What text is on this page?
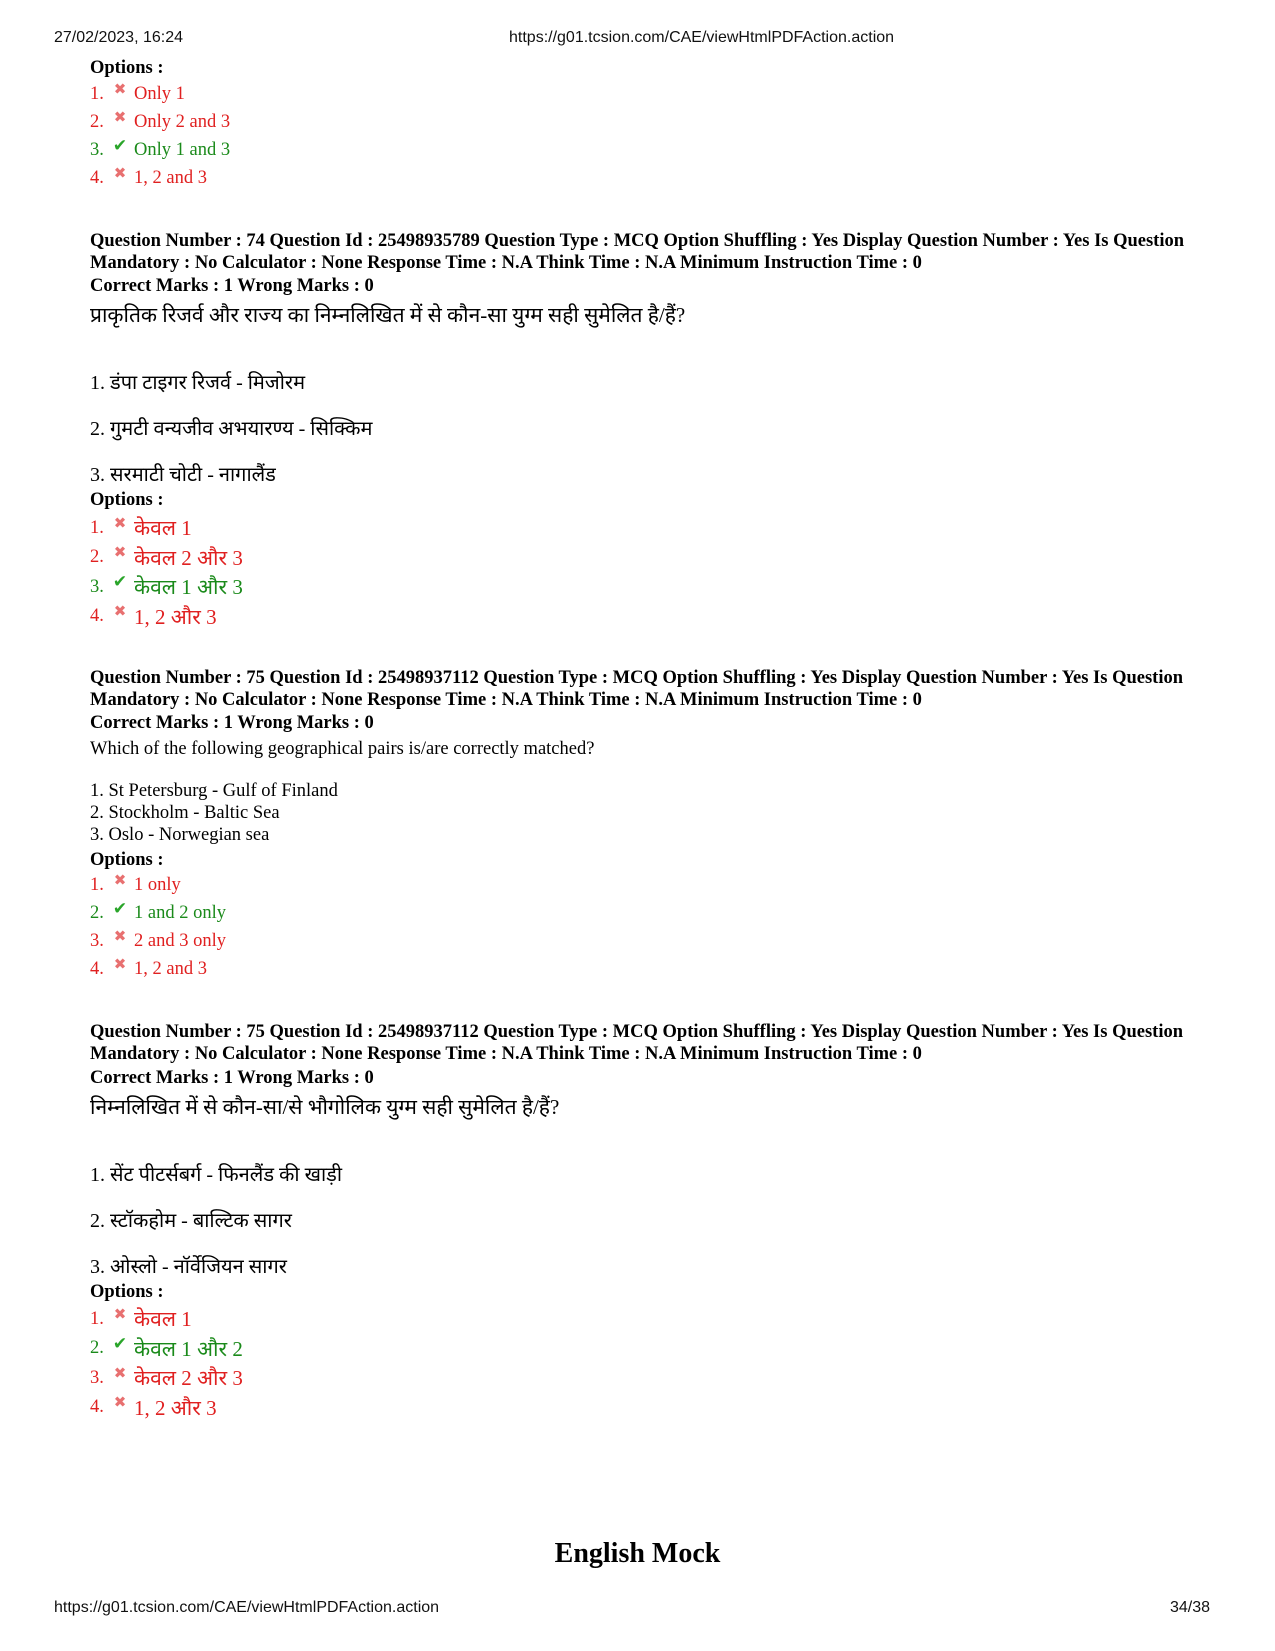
27/02/2023, 16:24	https://g01.tcsion.com/CAE/viewHtmlPDFAction.action
Options :
1. ✖ Only 1
2. ✖ Only 2 and 3
3. ✔ Only 1 and 3
4. ✖ 1, 2 and 3
Question Number : 74 Question Id : 25498935789 Question Type : MCQ Option Shuffling : Yes Display Question Number : Yes Is Question Mandatory : No Calculator : None Response Time : N.A Think Time : N.A Minimum Instruction Time : 0
Correct Marks : 1 Wrong Marks : 0
प्राकृतिक रिजर्व और राज्य का निम्नलिखित में से कौन-सा युग्म सही सुमेलित है/हैं?
1. डंपा टाइगर रिजर्व - मिजोरम
2. गुमटी वन्यजीव अभयारण्य - सिक्किम
3. सरमाटी चोटी - नागालैंड
Options :
1. ✖ केवल 1
2. ✖ केवल 2 और 3
3. ✔ केवल 1 और 3
4. ✖ 1, 2 और 3
Question Number : 75 Question Id : 25498937112 Question Type : MCQ Option Shuffling : Yes Display Question Number : Yes Is Question Mandatory : No Calculator : None Response Time : N.A Think Time : N.A Minimum Instruction Time : 0
Correct Marks : 1 Wrong Marks : 0
Which of the following geographical pairs is/are correctly matched?
1. St Petersburg - Gulf of Finland
2. Stockholm - Baltic Sea
3. Oslo - Norwegian sea
Options :
1. ✖ 1 only
2. ✔ 1 and 2 only
3. ✖ 2 and 3 only
4. ✖ 1, 2 and 3
Question Number : 75 Question Id : 25498937112 Question Type : MCQ Option Shuffling : Yes Display Question Number : Yes Is Question Mandatory : No Calculator : None Response Time : N.A Think Time : N.A Minimum Instruction Time : 0
Correct Marks : 1 Wrong Marks : 0
निम्नलिखित में से कौन-सा/से भौगोलिक युग्म सही सुमेलित है/हैं?
1. सेंट पीटर्सबर्ग - फिनलैंड की खाड़ी
2. स्टॉकहोम - बाल्टिक सागर
3. ओस्लो - नॉर्वेजियन सागर
Options :
1. ✖ केवल 1
2. ✔ केवल 1 और 2
3. ✖ केवल 2 और 3
4. ✖ 1, 2 और 3
English Mock
https://g01.tcsion.com/CAE/viewHtmlPDFAction.action	34/38
